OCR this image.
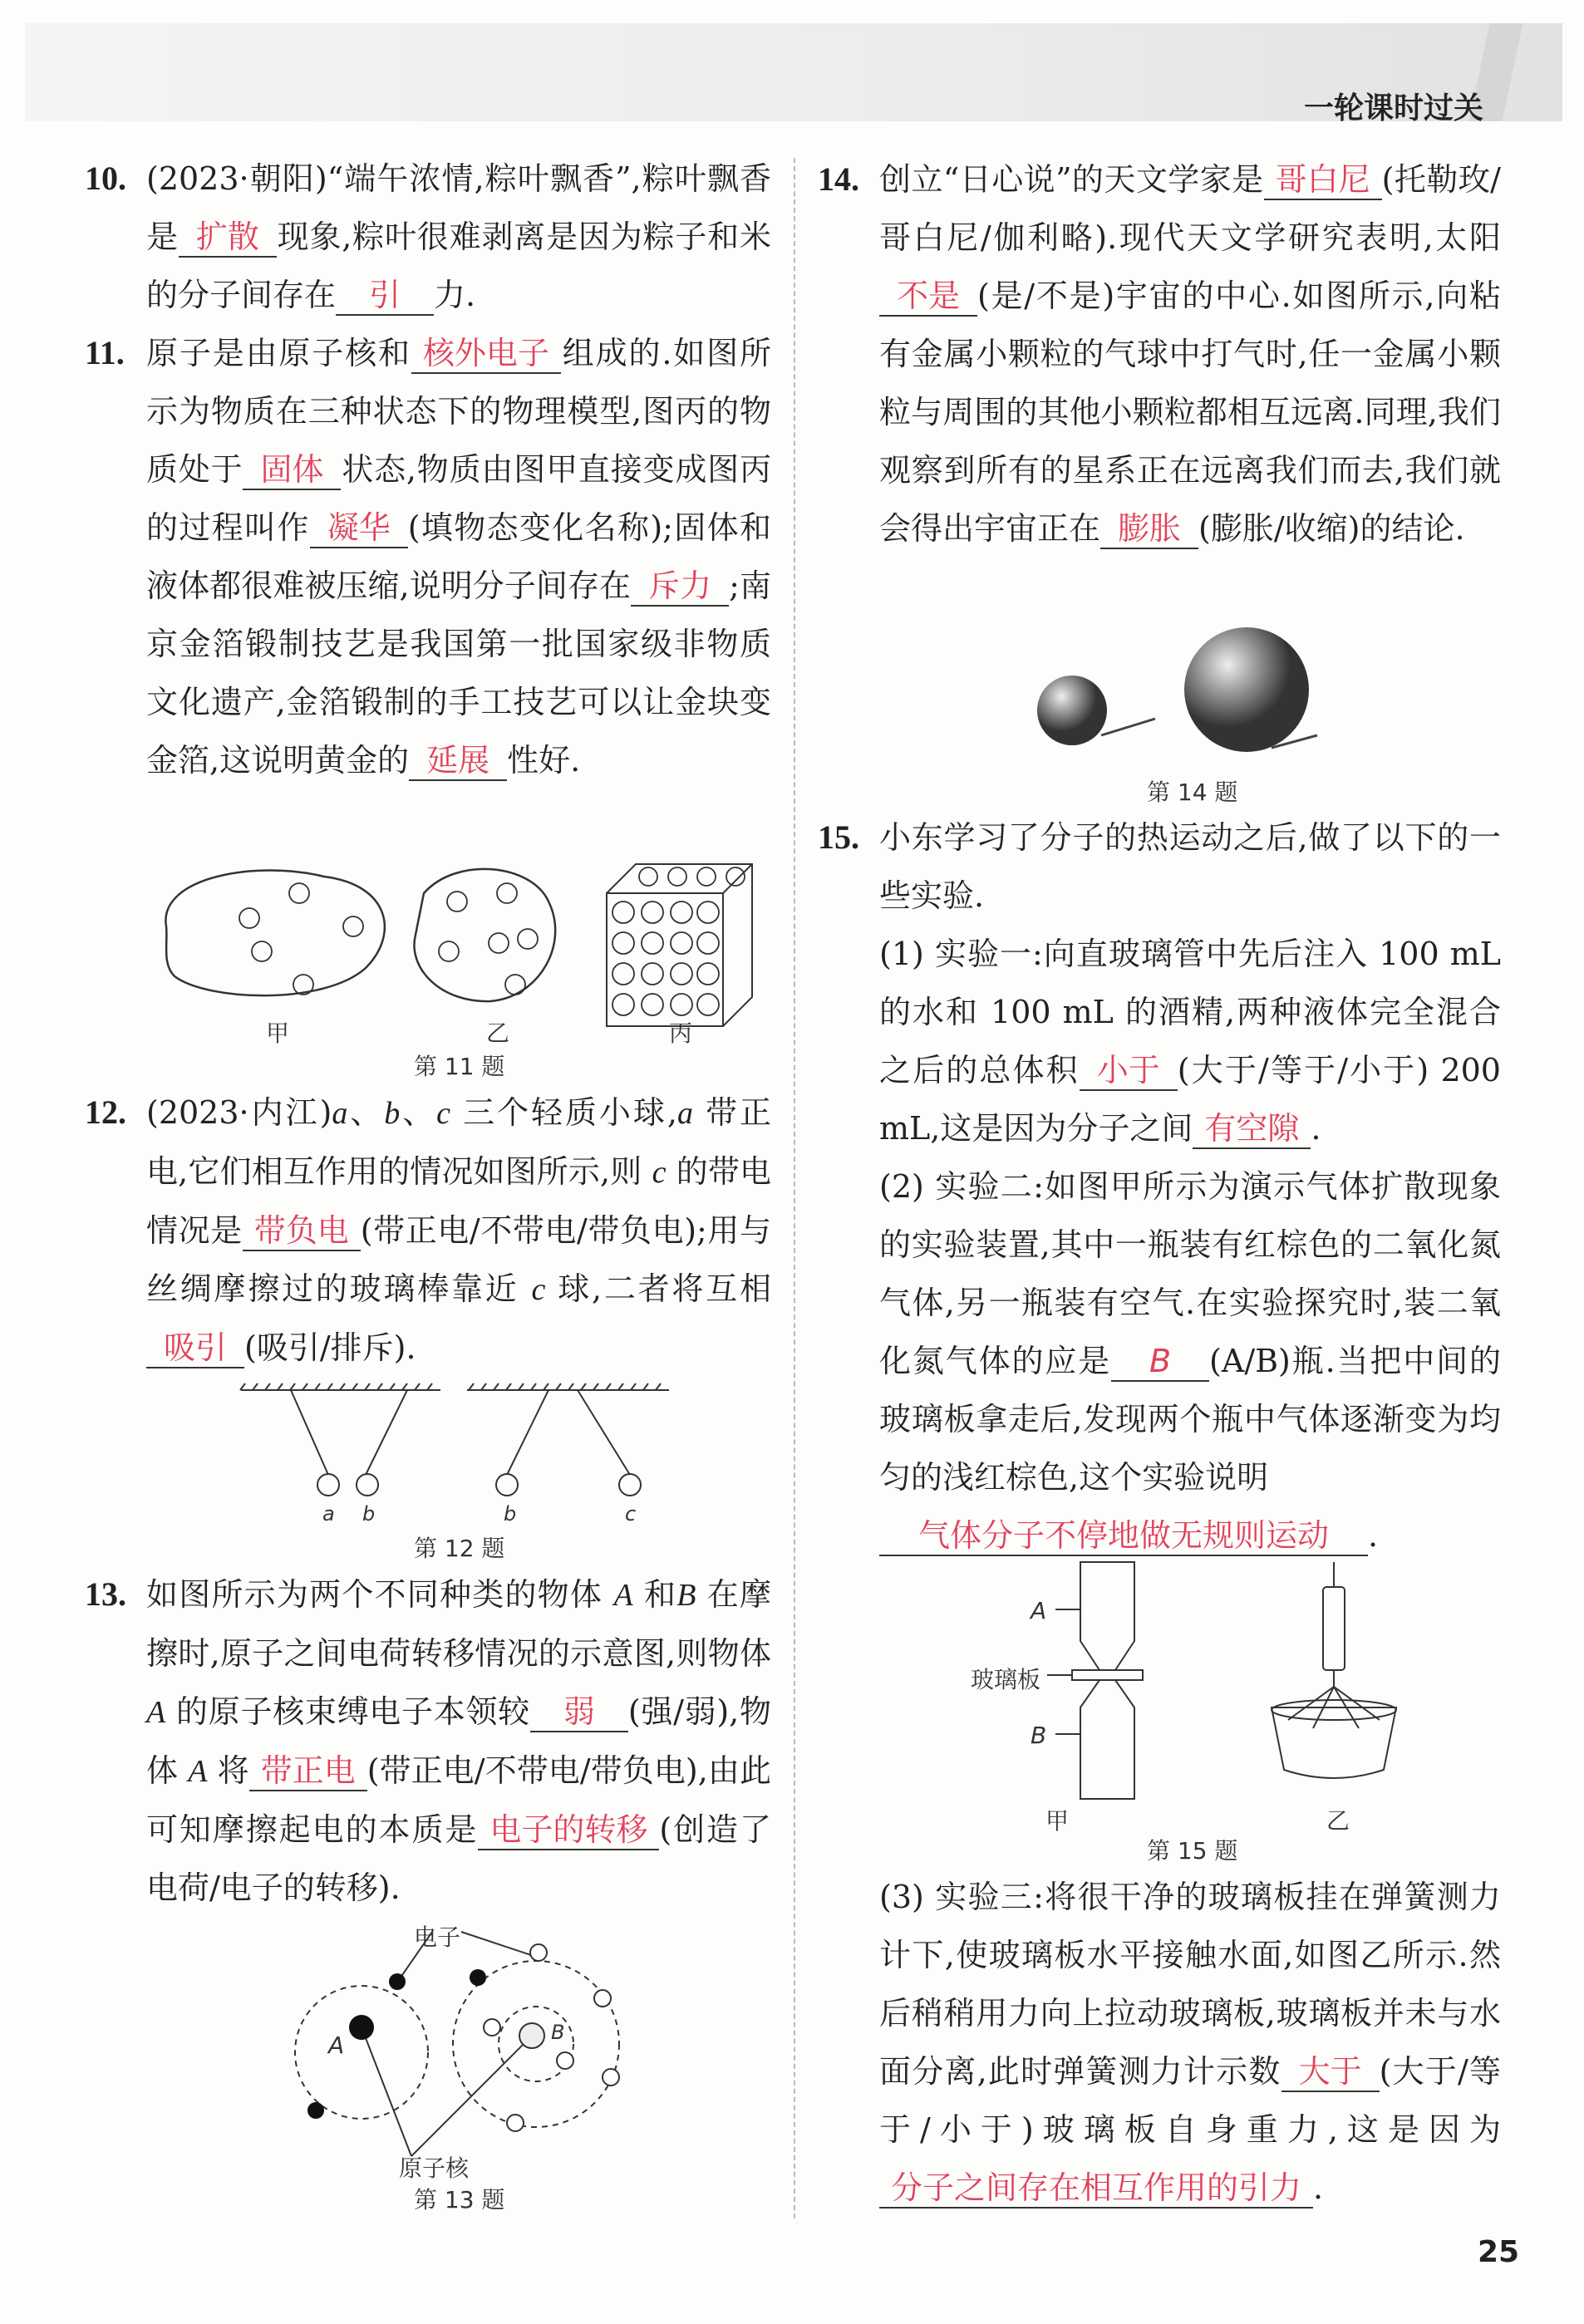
一轮课时过关
10. (2023·朝阳)“端午浓情,粽叶飘香”,粽叶飘香是 扩散 现象,粽叶很难剥离是因为粽子和米的分子间存在 引 力.
11. 原子是由原子核和 核外电子 组成的.如图所示为物质在三种状态下的物理模型,图丙的物质处于 固体 状态,物质由图甲直接变成图丙的过程叫作 凝华 (填物态变化名称);固体和液体都很难被压缩,说明分子间存在 斥力 ;南京金箔锻制技艺是我国第一批国家级非物质文化遗产,金箔锻制的手工技艺可以让金块变金箔,这说明黄金的 延展 性好.
甲	乙	丙
第 11 题
12. (2023·内江)a、b、c 三个轻质小球,a 带正电,它们相互作用的情况如图所示,则 c 的带电情况是 带负电 (带正电/不带电/带负电);用与丝绸摩擦过的玻璃棒靠近 c 球,二者将互相吸引 (吸引/排斥).
a b	b	c
第 12 题
13. 如图所示为两个不同种类的物体 A 和B 在摩擦时,原子之间电荷转移情况的示意图,则物体 A 的原子核束缚电子本领较 弱 (强/弱),物体 A 将 带正电 (带正电/不带电/带负电),由此可知摩擦起电的本质是 电子的转移 (创造了电荷/电子的转移).
电子
A	B
原子核
第 13 题
14. 创立“日心说”的天文学家是 哥白尼 (托勒玫/哥白尼/伽利略).现代天文学研究表明,太阳不是 (是/不是)宇宙的中心.如图所示,向粘有金属小颗粒的气球中打气时,任一金属小颗粒与周围的其他小颗粒都相互远离.同理,我们观察到所有的星系正在远离我们而去,我们就会得出宇宙正在 膨胀 (膨胀/收缩)的结论.
第 14 题
15. 小东学习了分子的热运动之后,做了以下的一些实验.
(1) 实验一:向直玻璃管中先后注入 100 mL 的水和 100 mL 的酒精,两种液体完全混合之后的总体积 小于 (大于/等于/小于) 200 mL,这是因为分子之间 有空隙 .
(2) 实验二:如图甲所示为演示气体扩散现象的实验装置,其中一瓶装有红棕色的二氧化氮气体,另一瓶装有空气.在实验探究时,装二氧化氮气体的应是 B (A/B)瓶.当把中间的玻璃板拿走后,发现两个瓶中气体逐渐变为均匀的浅红棕色,这个实验说明
气体分子不停地做无规则运动 .
A
玻璃板
B
甲	乙
第 15 题
(3) 实验三:将很干净的玻璃板挂在弹簧测力计下,使玻璃板水平接触水面,如图乙所示.然后稍稍用力向上拉动玻璃板,玻璃板并未与水面分离,此时弹簧测力计示数 大于 (大于/等于/小于)玻璃板自身重力,这是因为分子之间存在相互作用的引力 .
25
